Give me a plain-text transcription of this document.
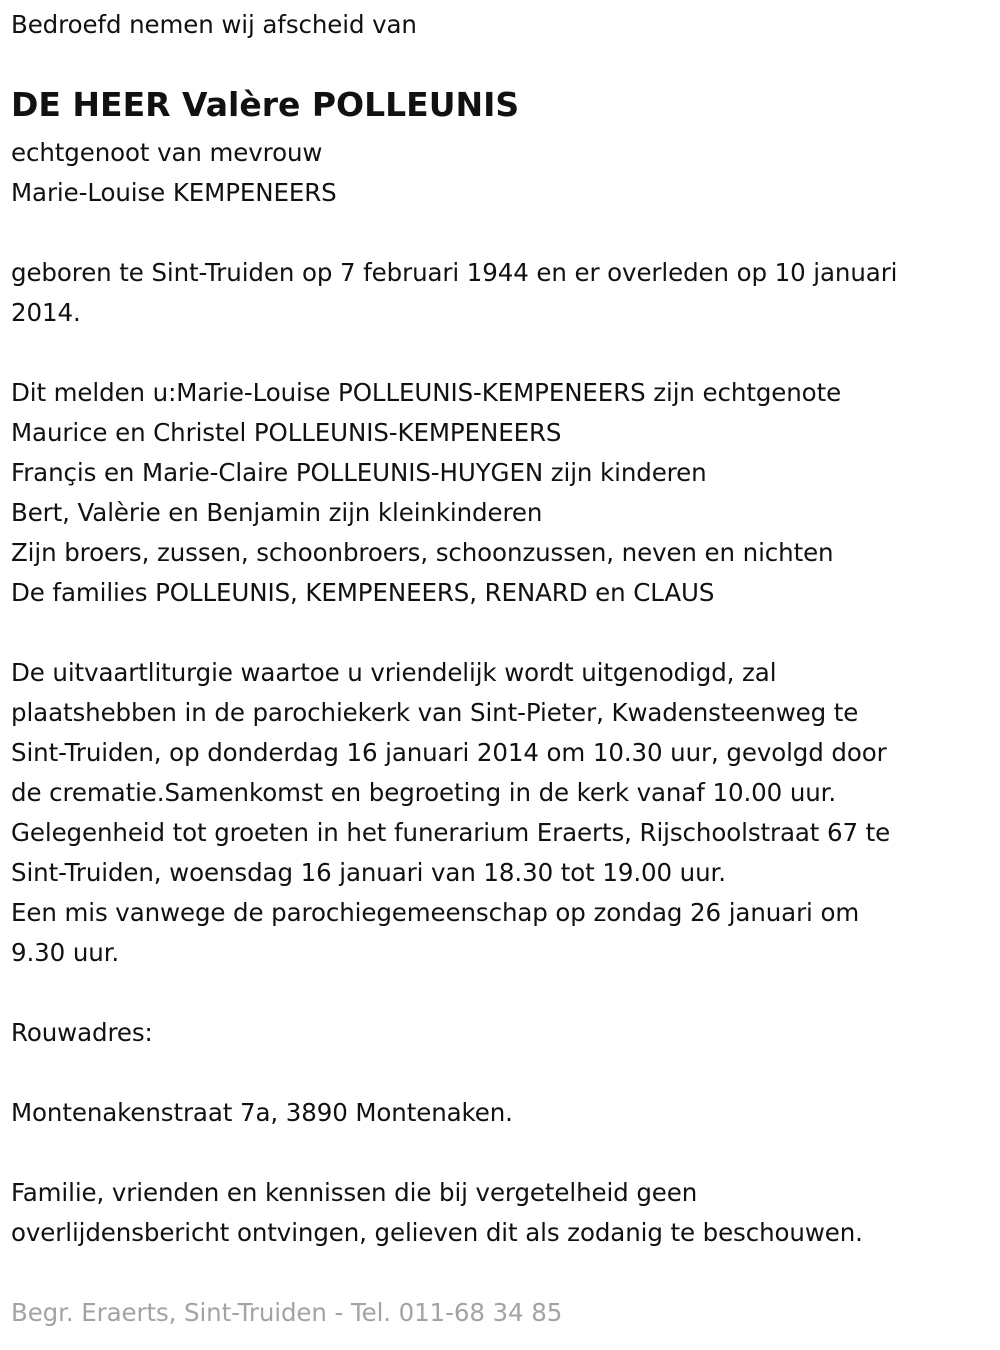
Bedroefd nemen wij afscheid van
DE HEER Valère POLLEUNIS
echtgenoot van mevrouw
Marie-Louise KEMPENEERS
geboren te Sint-Truiden op 7 februari 1944 en er overleden op 10 januari
2014.
Dit melden u:Marie-Louise POLLEUNIS-KEMPENEERS zijn echtgenote
Maurice en Christel POLLEUNIS-KEMPENEERS
Françis en Marie-Claire POLLEUNIS-HUYGEN zijn kinderen
Bert, Valèrie en Benjamin zijn kleinkinderen
Zijn broers, zussen, schoonbroers, schoonzussen, neven en nichten
De families POLLEUNIS, KEMPENEERS, RENARD en CLAUS
De uitvaartliturgie waartoe u vriendelijk wordt uitgenodigd, zal
plaatshebben in de parochiekerk van Sint-Pieter, Kwadensteenweg te
Sint-Truiden, op donderdag 16 januari 2014 om 10.30 uur, gevolgd door
de crematie.Samenkomst en begroeting in de kerk vanaf 10.00 uur.
Gelegenheid tot groeten in het funerarium Eraerts, Rijschoolstraat 67 te
Sint-Truiden, woensdag 16 januari van 18.30 tot 19.00 uur.
Een mis vanwege de parochiegemeenschap op zondag 26 januari om
9.30 uur.
Rouwadres:
Montenakenstraat 7a, 3890 Montenaken.
Familie, vrienden en kennissen die bij vergetelheid geen
overlijdensbericht ontvingen, gelieven dit als zodanig te beschouwen.
Begr. Eraerts, Sint-Truiden - Tel. 011-68 34 85
